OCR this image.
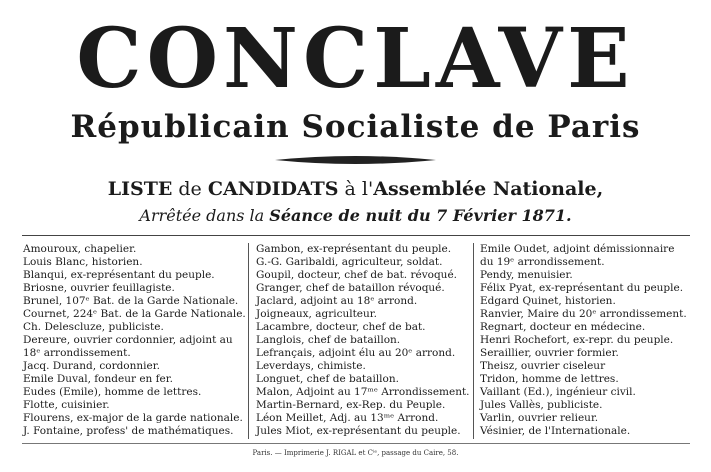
CONCLAVE
Républicain Socialiste de Paris
LISTE de CANDIDATS à l'Assemblée Nationale,
Arrêtée dans la Séance de nuit du 7 Février 1871.
Amouroux, chapelier.
Louis Blanc, historien.
Blanqui, ex-représentant du peuple.
Briosne, ouvrier feuillagiste.
Brunel, 107ᵉ Bat. de la Garde Nationale.
Cournet, 224ᵉ Bat. de la Garde Nationale.
Ch. Delescluze, publiciste.
Dereure, ouvrier cordonnier, adjoint au
18ᵉ arrondissement.
Jacq. Durand, cordonnier.
Emile Duval, fondeur en fer.
Eudes (Emile), homme de lettres.
Flotte, cuisinier.
Flourens, ex-major de la garde nationale.
J. Fontaine, profess' de mathématiques.
Gambon, ex-représentant du peuple.
G.-G. Garibaldi, agriculteur, soldat.
Goupil, docteur, chef de bat. révoqué.
Granger, chef de bataillon révoqué.
Jaclard, adjoint au 18ᵉ arrond.
Joigneaux, agriculteur.
Lacambre, docteur, chef de bat.
Langlois, chef de bataillon.
Lefrançais, adjoint élu au 20ᵉ arrond.
Leverdays, chimiste.
Longuet, chef de bataillon.
Malon, Adjoint au 17ᵐᵉ Arrondissement.
Martin-Bernard, ex-Rep. du Peuple.
Léon Meillet, Adj. au 13ᵐᵉ Arrond.
Jules Miot, ex-représentant du peuple.
Emile Oudet, adjoint démissionnaire du 19ᵉ arrondissement.
Pendy, menuisier.
Félix Pyat, ex-représentant du peuple.
Edgard Quinet, historien.
Ranvier, Maire du 20ᵉ arrondissement.
Regnart, docteur en médecine.
Henri Rochefort, ex-repr. du peuple.
Seraillier, ouvrier formier.
Theisz, ouvrier ciseleur
Tridon, homme de lettres.
Vaillant (Ed.), ingénieur civil.
Jules Vallès, publiciste.
Varlin, ouvrier relieur.
Vésinier, de l'Internationale.
Paris. — Imprimerie J. RIGAL et Cⁱᵉ, passage du Caire, 58.
